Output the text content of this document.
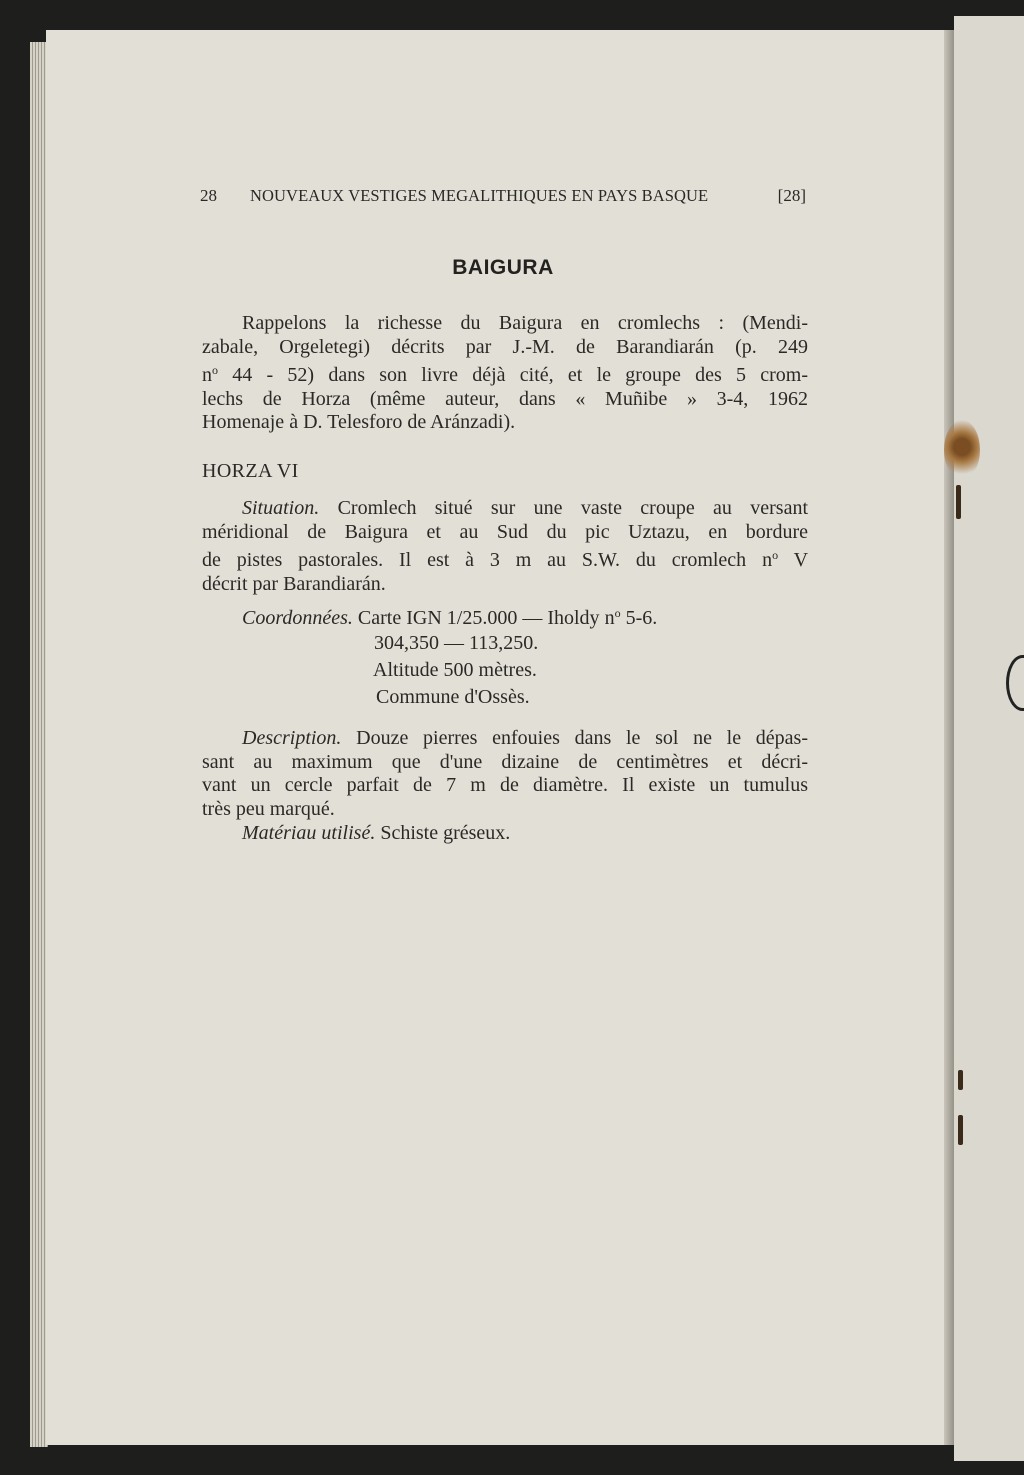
28 NOUVEAUX VESTIGES MEGALITHIQUES EN PAYS BASQUE	[28]
BAIGURA
Rappelons la richesse du Baigura en cromlechs : (Mendi-
zabale, Orgeletegi) décrits par J.-M. de Barandiarán (p. 249
$n^o$ 44 - 52) dans son livre déjà cité, et le groupe des 5 crom-
lechs de Horza (même auteur, dans « Muñibe » 3-4, 1962
Homenaje à D. Telesforo de Aránzadi).
HORZA VI
Situation. Cromlech situé sur une vaste croupe au versant
méridional de Baigura et au Sud du pic Uztazu, en bordure
de pistes pastorales. Il est à 3 m au S.W. du cromlech $n^o$ V
décrit par Barandiarán.
Coordonnées. Carte IGN 1/25.000 — Iholdy $n^o$ 5-6.
304,350 — 113,250.
Altitude 500 mètres.
Commune d'Ossès.
Description. Douze pierres enfouies dans le sol ne le dépas-
sant au maximum que d'une dizaine de centimètres et décri-
vant un cercle parfait de 7 m de diamètre. Il existe un tumulus
très peu marqué.
Matériau utilisé. Schiste gréseux.
